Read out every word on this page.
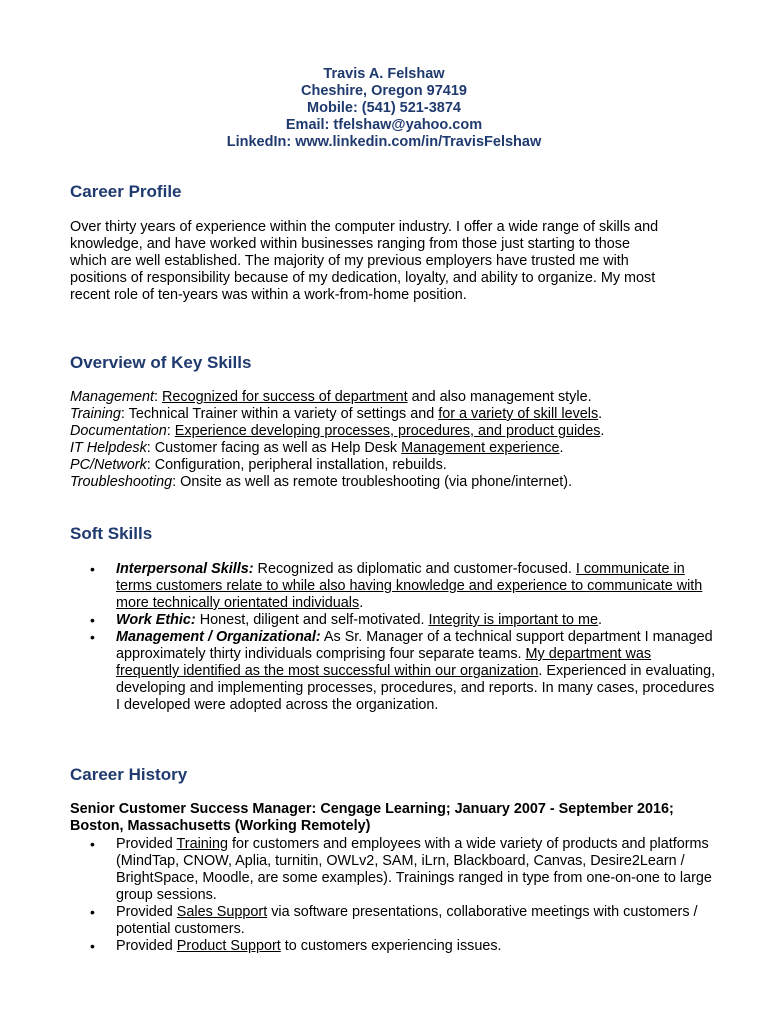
Travis A. Felshaw
Cheshire, Oregon 97419
Mobile: (541) 521-3874
Email: tfelshaw@yahoo.com
LinkedIn: www.linkedin.com/in/TravisFelshaw
Career Profile

Over thirty years of experience within the computer industry. I offer a wide range of skills and knowledge, and have worked within businesses ranging from those just starting to those which are well established. The majority of my previous employers have trusted me with positions of responsibility because of my dedication, loyalty, and ability to organize. My most recent role of ten-years was within a work-from-home position.

Overview of Key Skills
Management: Recognized for success of department and also management style.
Training: Technical Trainer within a variety of settings and for a variety of skill levels.
Documentation: Experience developing processes, procedures, and product guides.
IT Helpdesk: Customer facing as well as Help Desk Management experience.
PC/Network: Configuration, peripheral installation, rebuilds.
Troubleshooting: Onsite as well as remote troubleshooting (via phone/internet).
Soft Skills
• Interpersonal Skills: Recognized as diplomatic and customer-focused. I communicate in terms customers relate to while also having knowledge and experience to communicate with more technically orientated individuals.
• Work Ethic: Honest, diligent and self-motivated. Integrity is important to me.
• Management / Organizational: As Sr. Manager of a technical support department I managed approximately thirty individuals comprising four separate teams. My department was frequently identified as the most successful within our organization. Experienced in evaluating, developing and implementing processes, procedures, and reports. In many cases, procedures I developed were adopted across the organization.
Career History

Senior Customer Success Manager: Cengage Learning; January 2007 - September 2016; Boston, Massachusetts (Working Remotely)

• Provided Training for customers and employees with a wide variety of products and platforms (MindTap, CNOW, Aplia, turnitin, OWLv2, SAM, iLrn, Blackboard, Canvas, Desire2Learn / BrightSpace, Moodle, are some examples). Trainings ranged in type from one-on-one to large group sessions.
• Provided Sales Support via software presentations, collaborative meetings with customers / potential customers.
• Provided Product Support to customers experiencing issues.
